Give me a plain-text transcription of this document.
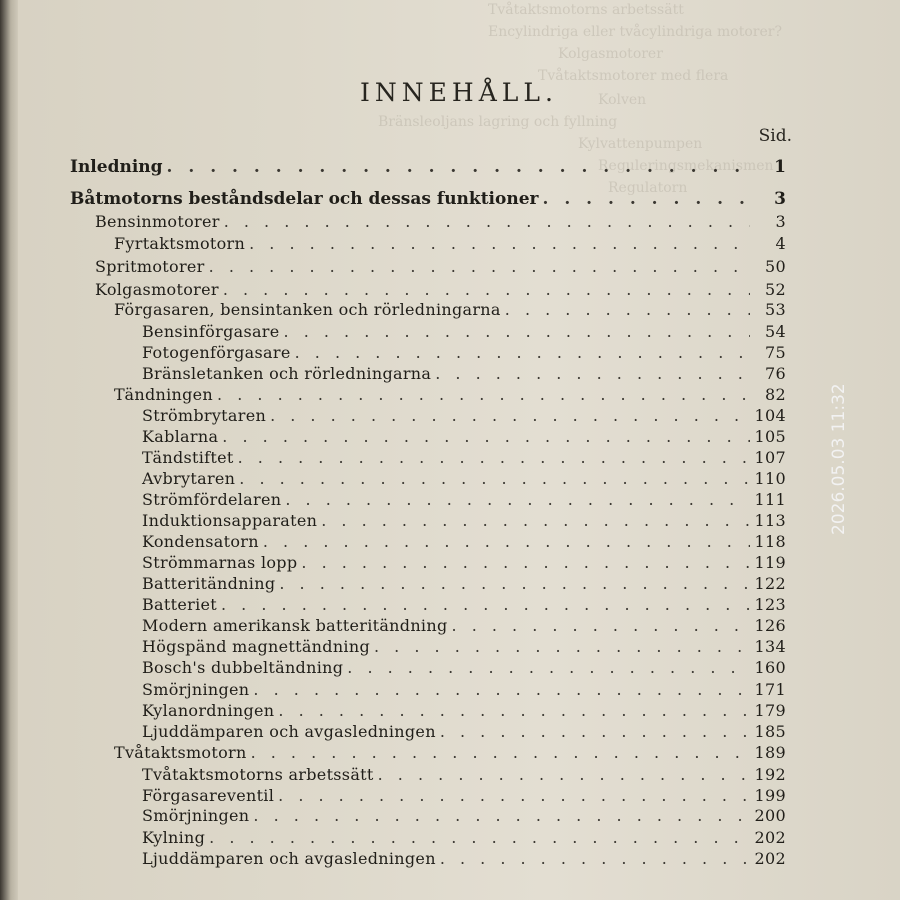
Tvåtaktsmotorns arbetssätt
Encylindriga eller tvåcylindriga motorer?
Kolgasmotorer
Tvåtaktsmotorer med flera
Kolven
Bränsleoljans lagring och fyllning
Kylvattenpumpen
Reguleringsmekanismen
Regulatorn
INNEHÅLL.
Sid.
Inledning . . .	1
Båtmotorns beståndsdelar och dessas funktioner . . .	3
Bensinmotorer . . .	3
Fyrtaktsmotorn . . .	4
Spritmotorer . . .	50
Kolgasmotorer . . .	52
Förgasaren, bensintanken och rörledningarna . . .	53
Bensinförgasare . . .	54
Fotogenförgasare . . .	75
Bränsletanken och rörledningarna . . .	76
Tändningen . . .	82
Strömbrytaren . . .	104
Kablarna . . .	105
Tändstiftet . . .	107
Avbrytaren . . .	110
Strömfördelaren . . .	111
Induktionsapparaten . . .	113
Kondensatorn . . .	118
Strömmarnas lopp . . .	119
Batteritändning . . .	122
Batteriet . . .	123
Modern amerikansk batteritändning . . .	126
Högspänd magnettändning . . .	134
Bosch's dubbeltändning . . .	160
Smörjningen . . .	171
Kylanordningen . . .	179
Ljuddämparen och avgasledningen . . .	185
Tvåtaktsmotorn . . .	189
Tvåtaktsmotorns arbetssätt . . .	192
Förgasareventil . . .	199
Smörjningen . . .	200
Kylning . . .	202
Ljuddämparen och avgasledningen . . .	202
2026.05.03 11:32
